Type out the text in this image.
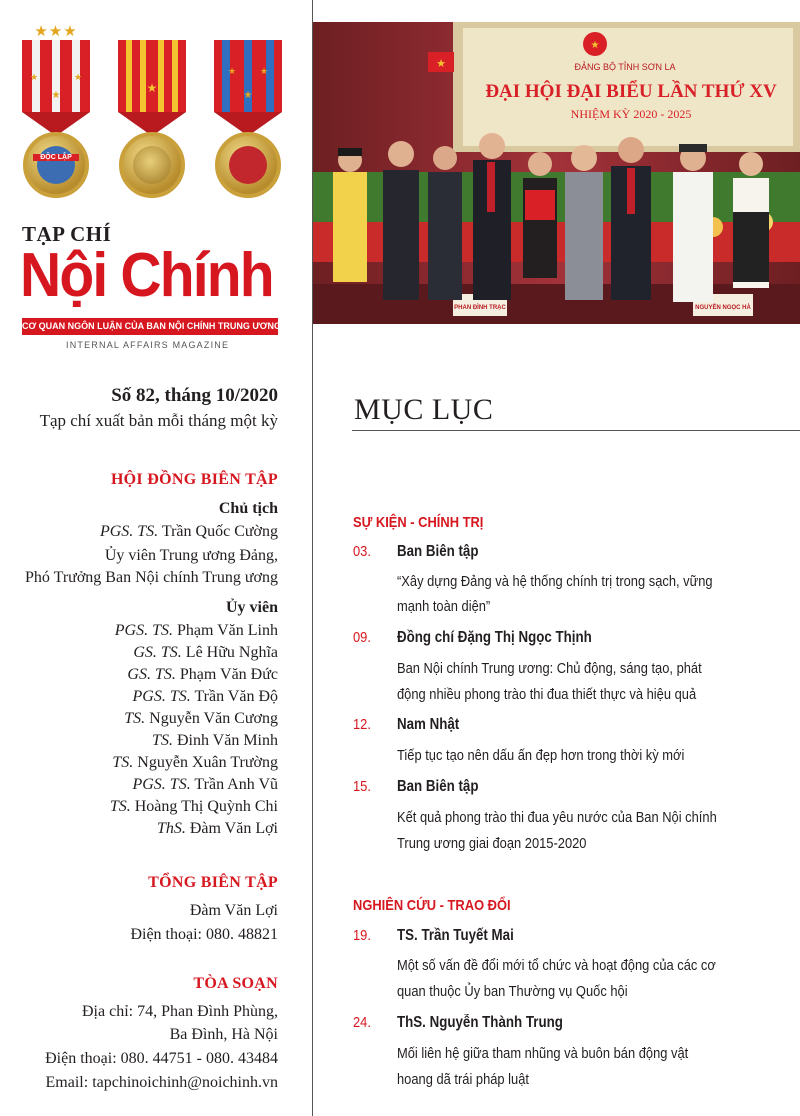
★★★
★
★	★
ĐỘC LẬP
★
★
★	★
TẠP CHÍ
Nội Chính
CƠ QUAN NGÔN LUẬN CỦA BAN NỘI CHÍNH TRUNG ƯƠNG
INTERNAL AFFAIRS MAGAZINE
Số 82, tháng 10/2020
Tạp chí xuất bản mỗi tháng một kỳ
HỘI ĐỒNG BIÊN TẬP
Chủ tịch
PGS. TS. Trần Quốc Cường
Ủy viên Trung ương Đảng,
Phó Trưởng Ban Nội chính Trung ương
Ủy viên
PGS. TS. Phạm Văn Linh
GS. TS. Lê Hữu Nghĩa
GS. TS. Phạm Văn Đức
PGS. TS. Trần Văn Độ
TS. Nguyễn Văn Cương
TS. Đinh Văn Minh
TS. Nguyễn Xuân Trường
PGS. TS. Trần Anh Vũ
TS. Hoàng Thị Quỳnh Chi
ThS. Đàm Văn Lợi
TỔNG BIÊN TẬP
Đàm Văn Lợi
Điện thoại: 080. 48821
TÒA SOẠN
Địa chỉ: 74, Phan Đình Phùng,
Ba Đình, Hà Nội
Điện thoại: 080. 44751 - 080. 43484
Email: tapchinoichinh@noichinh.vn
★
ĐẢNG BỘ TỈNH SƠN LA
ĐẠI HỘI ĐẠI BIỂU LẦN THỨ XV
NHIỆM KỲ 2020 - 2025
★
PHAN ĐÌNH TRẠC	NGUYỄN NGỌC HÀ
MỤC LỤC
SỰ KIỆN - CHÍNH TRỊ
03. Ban Biên tập
“Xây dựng Đảng và hệ thống chính trị trong sạch, vững
mạnh toàn diện”
09. Đồng chí Đặng Thị Ngọc Thịnh
Ban Nội chính Trung ương: Chủ động, sáng tạo, phát
động nhiều phong trào thi đua thiết thực và hiệu quả
12. Nam Nhật
Tiếp tục tạo nên dấu ấn đẹp hơn trong thời kỳ mới
15. Ban Biên tập
Kết quả phong trào thi đua yêu nước của Ban Nội chính
Trung ương giai đoạn 2015-2020
NGHIÊN CỨU - TRAO ĐỔI
19. TS. Trần Tuyết Mai
Một số vấn đề đổi mới tổ chức và hoạt động của các cơ
quan thuộc Ủy ban Thường vụ Quốc hội
24. ThS. Nguyễn Thành Trung
Mối liên hệ giữa tham nhũng và buôn bán động vật
hoang dã trái pháp luật
